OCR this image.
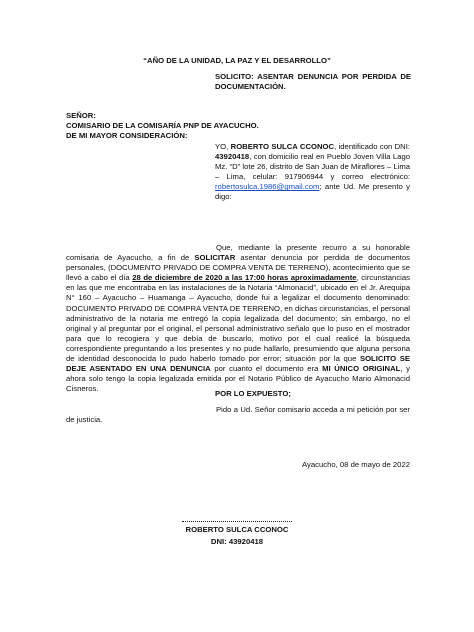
“AÑO DE LA UNIDAD, LA PAZ Y EL DESARROLLO”

SOLICITO: ASENTAR DENUNCIA POR PERDIDA DE DOCUMENTACIÓN.

SEÑOR:
COMISARIO DE LA COMISARÍA PNP DE AYACUCHO.
DE MI MAYOR CONSIDERACIÓN:

YO, ROBERTO SULCA CCONOC, identificado con DNI: 43920418, con domicilio real en Pueblo Joven Villa Lago Mz. “D” lote 26, distrito de San Juan de Miraflores – Lima – Lima, celular: 917906944 y correo electrónico: robertosulca.1986@gmail.com; ante Ud. Me presento y digo:

Que, mediante la presente recurro a su honorable comisaria de Ayacucho, a fin de SOLICITAR asentar denuncia por perdida de documentos personales, (DOCUMENTO PRIVADO DE COMPRA VENTA DE TERRENO), acontecimiento que se llevó a cabo el día 28 de diciembre de 2020 a las 17:00 horas aproximadamente, circunstancias en las que me encontraba en las instalaciones de la Notaria “Almonacid”, ubicado en el Jr. Arequipa N° 160 – Ayacucho – Huamanga – Ayacucho, donde fui a legalizar el documento denominado: DOCUMENTO PRIVADO DE COMPRA VENTA DE TERRENO, en dichas circunstancias, el personal administrativo de la notaria me entregó la copia legalizada del documento; sin embargo, no el original y al preguntar por el original, el personal administrativo señalo que lo puso en el mostrador para que lo recogiera y que debía de buscarlo, motivo por el cual realicé la búsqueda correspondiente preguntando a los presentes y no pude hallarlo, presumiendo que alguna persona de identidad desconocida lo pudo haberlo tomado por error; situación por la que SOLICITO SE DEJE ASENTADO EN UNA DENUNCIA por cuanto el documento era MI ÚNICO ORIGINAL, y ahora solo tengo la copia legalizada emitida por el Notario Público de Ayacucho Mario Almonacid Cisneros.

POR LO EXPUESTO;

Pido a Ud. Señor comisario acceda a mi petición por ser de justicia.

Ayacucho, 08 de mayo de 2022

ROBERTO SULCA CCONOC

DNI: 43920418
